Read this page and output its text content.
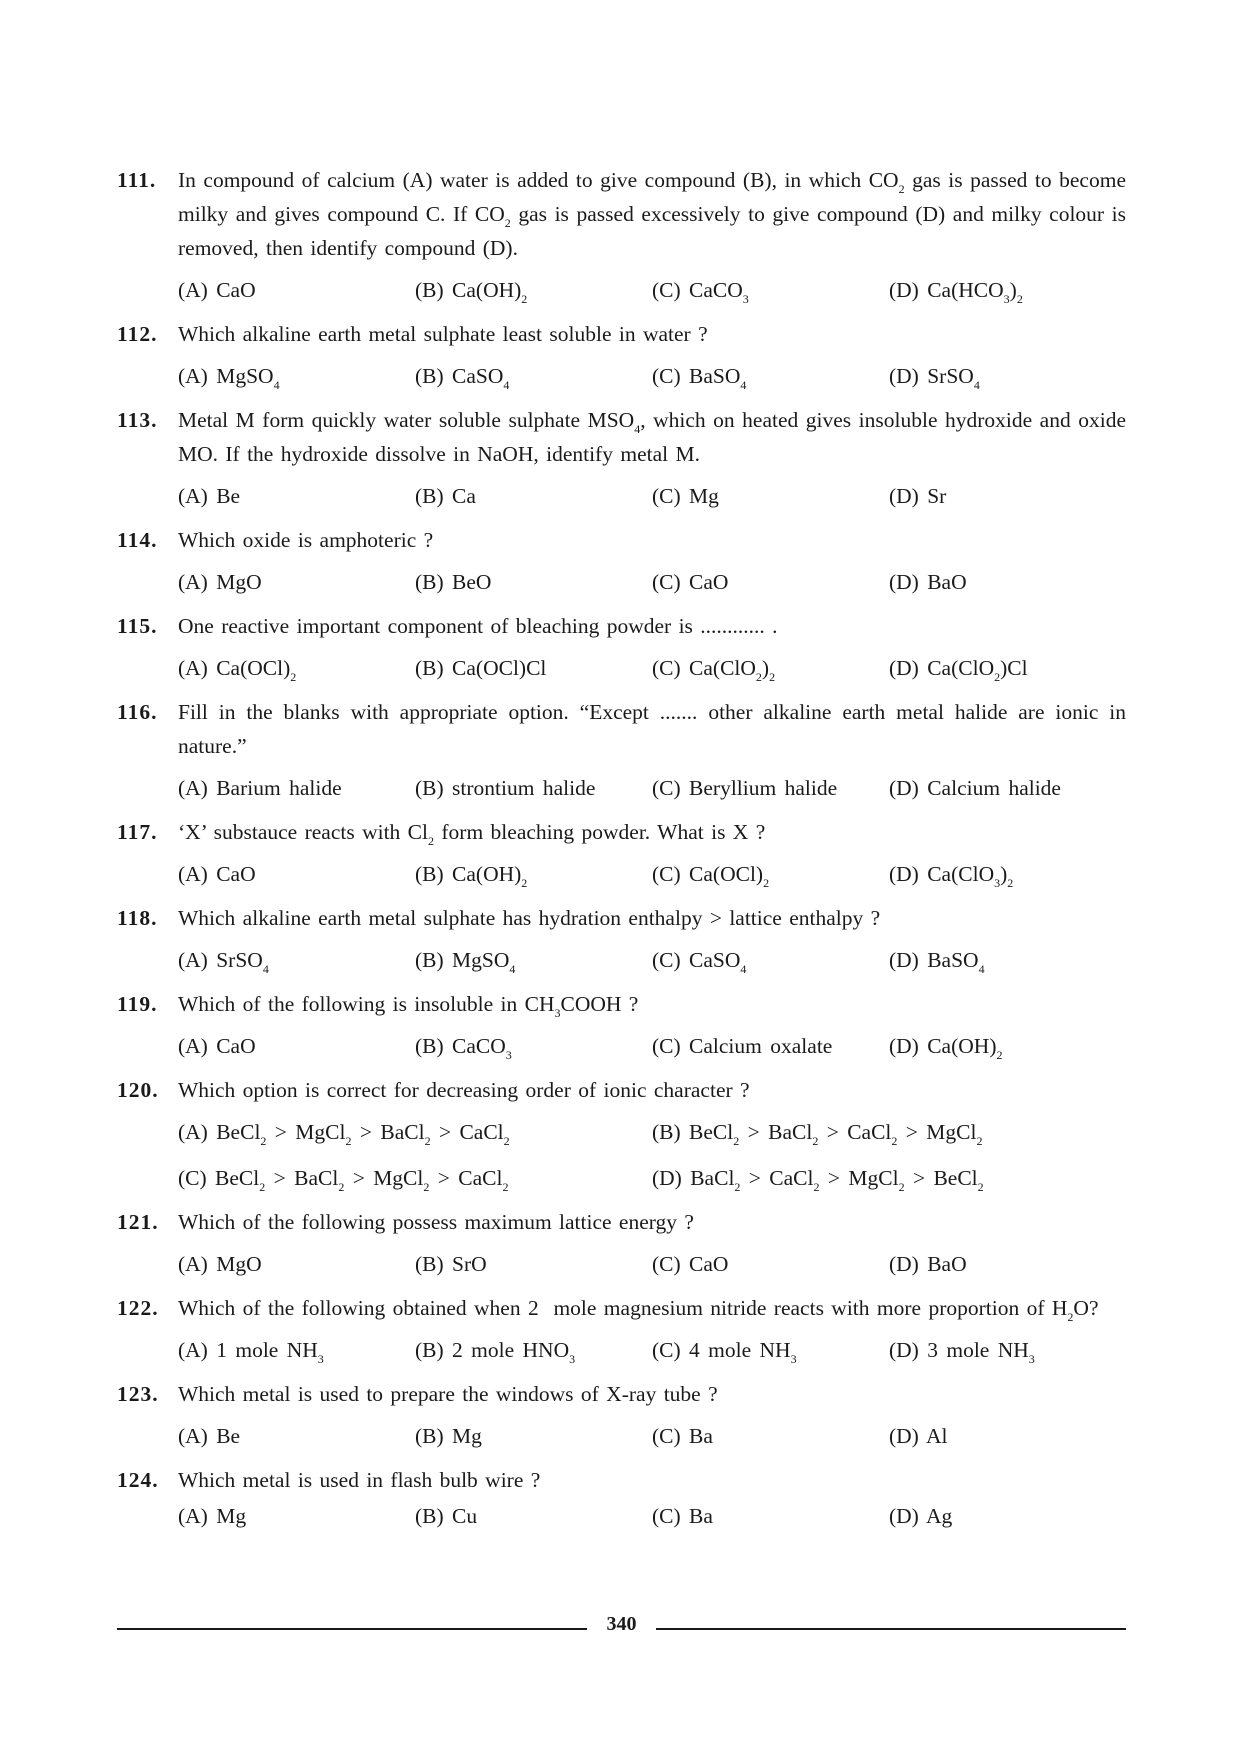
111. In compound of calcium (A) water is added to give compound (B), in which $CO_2$ gas is passed to become milky and gives compound C. If $CO_2$ gas is passed excessively to give compound (D) and milky colour is removed, then identify compound (D).
(A) CaO	(B) $Ca(OH)_2$	(C) CaCO$_3$	(D) $Ca(HCO_3)_2$
112. Which alkaline earth metal sulphate least soluble in water ?
(A) MgSO$_4$	(B) CaSO$_4$	(C) BaSO$_4$	(D) SrSO$_4$
113. Metal M form quickly water soluble sulphate $MSO_4$, which on heated gives insoluble hydroxide and oxide MO. If the hydroxide dissolve in NaOH, identify metal M.
(A) Be	(B) Ca	(C) Mg	(D) Sr
114. Which oxide is amphoteric ?
(A) MgO	(B) BeO	(C) CaO	(D) BaO
115. One reactive important component of bleaching powder is ............ .
(A) $Ca(OCl)_2$	(B) Ca(OCl)Cl	(C) $Ca(ClO_2)_2$	(D) Ca(ClO$_2$)Cl
116. Fill in the blanks with appropriate option. “Except ....... other alkaline earth metal halide are ionic in nature.”
(A) Barium halide	(B) strontium halide	(C) Beryllium halide	(D) Calcium halide
117. ‘X’ substauce reacts with $Cl_2$ form bleaching powder. What is X ?
(A) CaO	(B) $Ca(OH)_2$	(C) $Ca(OCl)_2$	(D) $Ca(ClO_3)_2$
118. Which alkaline earth metal sulphate has hydration enthalpy > lattice enthalpy ?
(A) SrSO$_4$	(B) MgSO$_4$	(C) CaSO$_4$	(D) BaSO$_4$
119. Which of the following is insoluble in $CH_3COOH$ ?
(A) CaO	(B) CaCO$_3$	(C) Calcium oxalate	(D) $Ca(OH)_2$
120. Which option is correct for decreasing order of ionic character ?
(A) BeCl$_2$ > MgCl$_2$ > BaCl$_2$ > CaCl$_2$	(B) BeCl$_2$ > BaCl$_2$ > CaCl$_2$ > MgCl$_2$
(C) BeCl$_2$ > BaCl$_2$ > MgCl$_2$ > CaCl$_2$	(D) BaCl$_2$ > CaCl$_2$ > MgCl$_2$ > BeCl$_2$
121. Which of the following possess maximum lattice energy ?
(A) MgO	(B) SrO	(C) CaO	(D) BaO
122. Which of the following obtained when 2  mole magnesium nitride reacts with more proportion of $H_2O$?
(A) 1 mole $NH_3$	(B) 2 mole $HNO_3$	(C) 4 mole $NH_3$	(D) 3 mole $NH_3$
123. Which metal is used to prepare the windows of X-ray tube ?
(A) Be	(B) Mg	(C) Ba	(D) Al
124. Which metal is used in flash bulb wire ?
(A) Mg	(B) Cu	(C) Ba	(D) Ag
340
